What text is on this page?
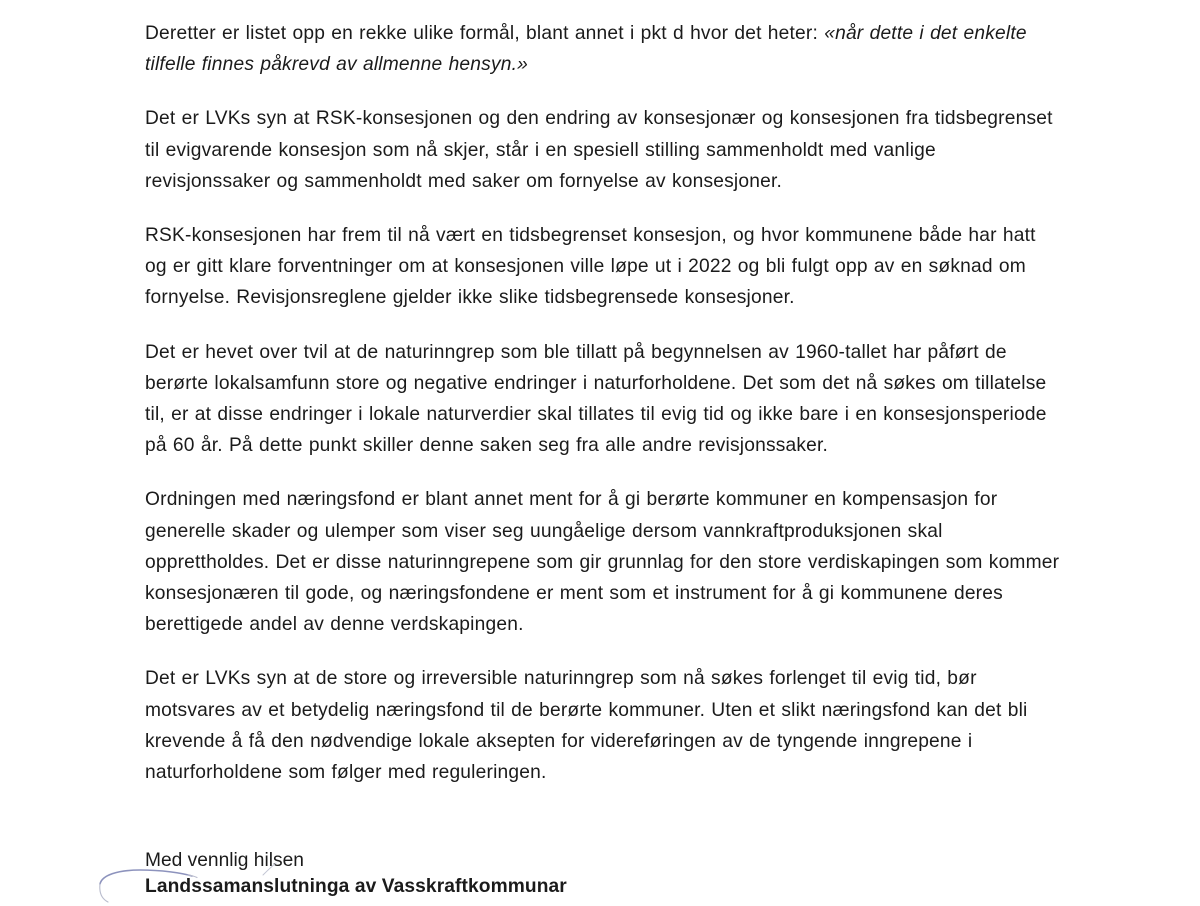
Deretter er listet opp en rekke ulike formål, blant annet i pkt d hvor det heter: «når dette i det enkelte tilfelle finnes påkrevd av allmenne hensyn.»

Det er LVKs syn at RSK-konsesjonen og den endring av konsesjonær og konsesjonen fra tidsbegrenset til evigvarende konsesjon som nå skjer, står i en spesiell stilling sammenholdt med vanlige revisjonssaker og sammenholdt med saker om fornyelse av konsesjoner.

RSK-konsesjonen har frem til nå vært en tidsbegrenset konsesjon, og hvor kommunene både har hatt og er gitt klare forventninger om at konsesjonen ville løpe ut i 2022 og bli fulgt opp av en søknad om fornyelse. Revisjonsreglene gjelder ikke slike tidsbegrensede konsesjoner.

Det er hevet over tvil at de naturinngrep som ble tillatt på begynnelsen av 1960-tallet har påført de berørte lokalsamfunn store og negative endringer i naturforholdene. Det som det nå søkes om tillatelse til, er at disse endringer i lokale naturverdier skal tillates til evig tid og ikke bare i en konsesjonsperiode på 60 år. På dette punkt skiller denne saken seg fra alle andre revisjonssaker.

Ordningen med næringsfond er blant annet ment for å gi berørte kommuner en kompensasjon for generelle skader og ulemper som viser seg uungåelige dersom vannkraftproduksjonen skal opprettholdes. Det er disse naturinngrepene som gir grunnlag for den store verdiskapingen som kommer konsesjonæren til gode, og næringsfondene er ment som et instrument for å gi kommunene deres berettigede andel av denne verdskapingen.

Det er LVKs syn at de store og irreversible naturinngrep som nå søkes forlenget til evig tid, bør motsvares av et betydelig næringsfond til de berørte kommuner. Uten et slikt næringsfond kan det bli krevende å få den nødvendige lokale aksepten for videreføringen av de tyngende inngrepene i naturforholdene som følger med reguleringen.

Med vennlig hilsen
Landssamanslutninga av Vasskraftkommunar
